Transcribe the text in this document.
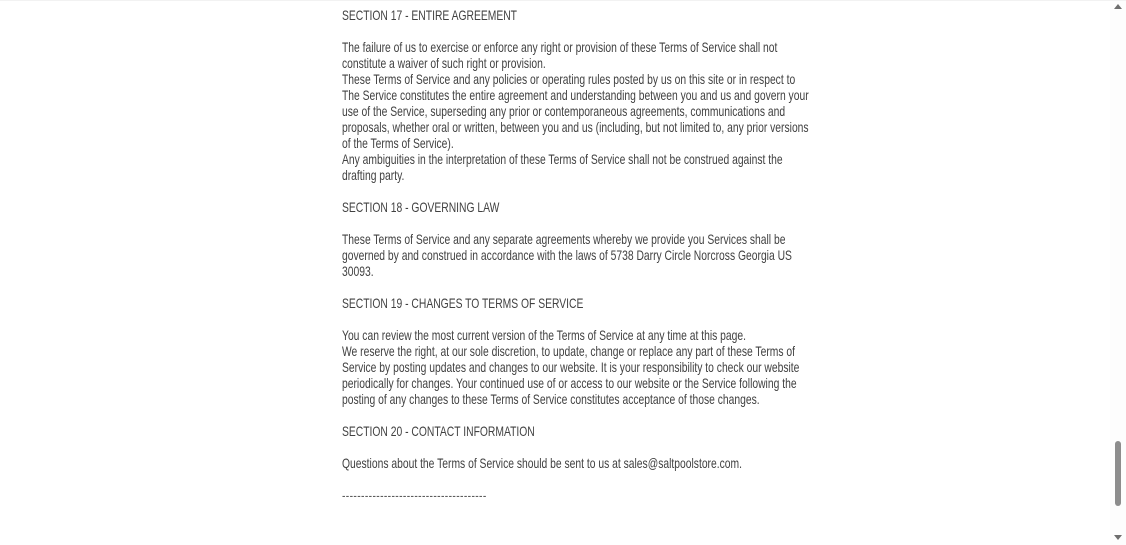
SECTION 17 - ENTIRE AGREEMENT

The failure of us to exercise or enforce any right or provision of these Terms of Service shall not constitute a waiver of such right or provision.

These Terms of Service and any policies or operating rules posted by us on this site or in respect to The Service constitutes the entire agreement and understanding between you and us and govern your use of the Service, superseding any prior or contemporaneous agreements, communications and proposals, whether oral or written, between you and us (including, but not limited to, any prior versions of the Terms of Service).

Any ambiguities in the interpretation of these Terms of Service shall not be construed against the drafting party.

SECTION 18 - GOVERNING LAW

These Terms of Service and any separate agreements whereby we provide you Services shall be governed by and construed in accordance with the laws of 5738 Darry Circle Norcross Georgia US 30093.

SECTION 19 - CHANGES TO TERMS OF SERVICE

You can review the most current version of the Terms of Service at any time at this page.

We reserve the right, at our sole discretion, to update, change or replace any part of these Terms of Service by posting updates and changes to our website. It is your responsibility to check our website periodically for changes. Your continued use of or access to our website or the Service following the posting of any changes to these Terms of Service constitutes acceptance of those changes.

SECTION 20 - CONTACT INFORMATION

Questions about the Terms of Service should be sent to us at sales@saltpoolstore.com.

--------------------------------------
